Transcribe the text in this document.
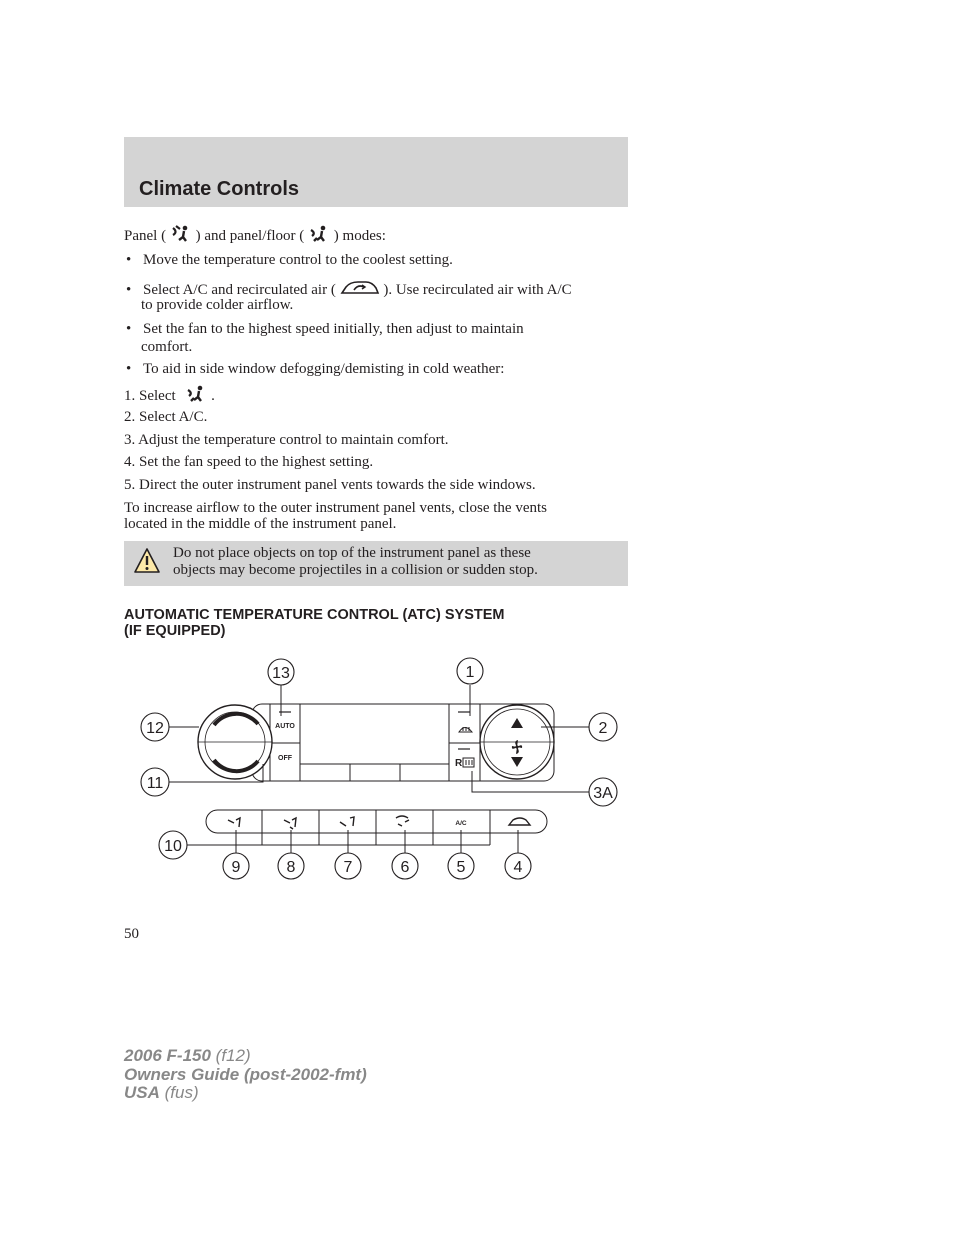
Climate Controls
Panel ( ) and panel/floor ( ) modes:
• Move the temperature control to the coolest setting.
• Select A/C and recirculated air (	). Use recirculated air with A/C
to provide colder airflow.
• Set the fan to the highest speed initially, then adjust to maintain
comfort.
• To aid in side window defogging/demisting in cold weather:
1. Select .
2. Select A/C.
3. Adjust the temperature control to maintain comfort.
4. Set the fan speed to the highest setting.
5. Direct the outer instrument panel vents towards the side windows.
To increase airflow to the outer instrument panel vents, close the vents
located in the middle of the instrument panel.
Do not place objects on top of the instrument panel as these
objects may become projectiles in a collision or sudden stop.
AUTOMATIC TEMPERATURE CONTROL (ATC) SYSTEM
(IF EQUIPPED)
AUTO
OFF	R
A/C
13	1
12	2
11
3A
10
9	8	7	6	5	4
50
2006 F-150 (f12)
Owners Guide (post-2002-fmt)
USA (fus)
